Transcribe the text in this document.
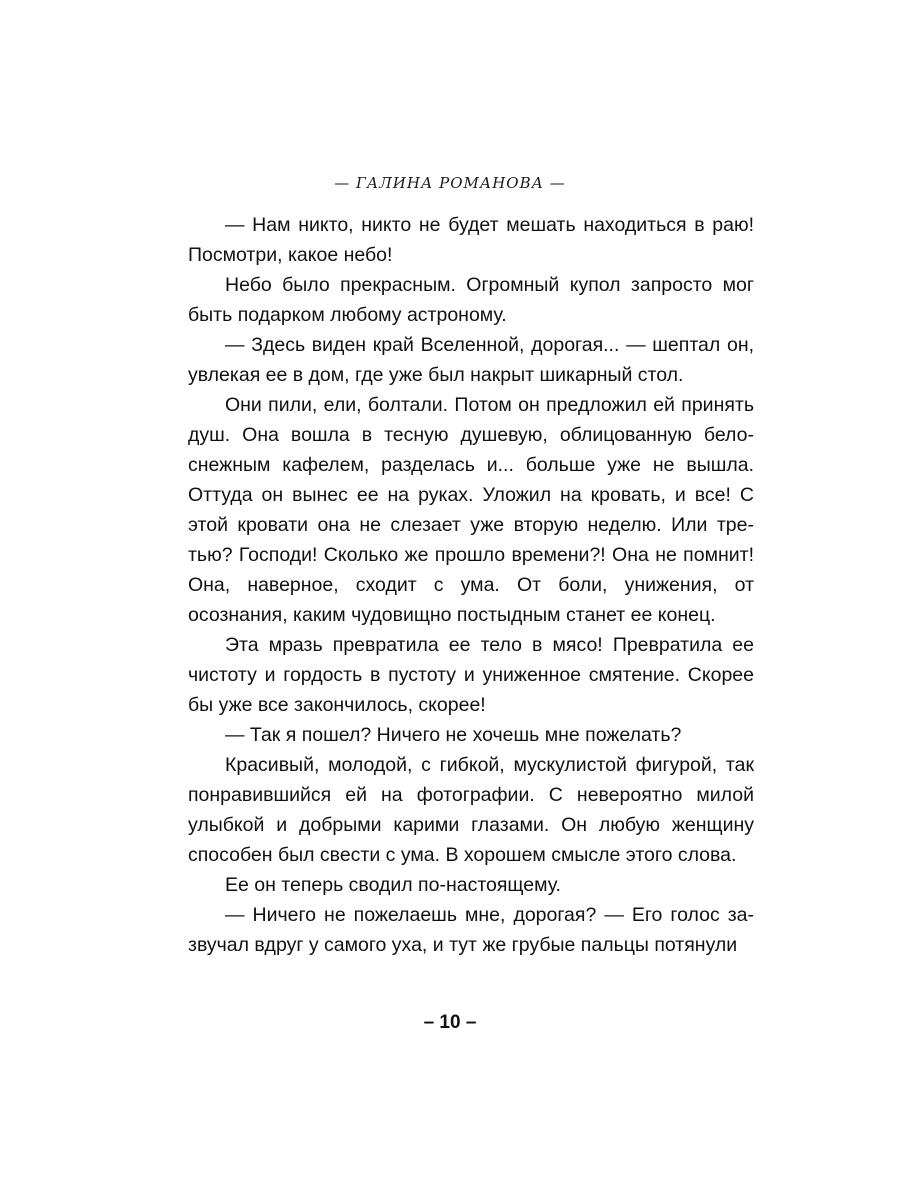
— ГАЛИНА РОМАНОВА —

— Нам никто, никто не будет мешать находиться в раю! Посмотри, какое небо!

Небо было прекрасным. Огромный купол запросто мог быть подарком любому астроному.

— Здесь виден край Вселенной, дорогая... — шептал он, увлекая ее в дом, где уже был накрыт шикарный стол.

Они пили, ели, болтали. Потом он предложил ей принять душ. Она вошла в тесную душевую, облицованную белоснежным кафелем, разделась и... больше уже не вышла. Оттуда он вынес ее на руках. Уложил на кровать, и все! С этой кровати она не слезает уже вторую неделю. Или третью? Господи! Сколько же прошло времени?! Она не помнит! Она, наверное, сходит с ума. От боли, унижения, от осознания, каким чудовищно постыдным станет ее конец.

Эта мразь превратила ее тело в мясо! Превратила ее чистоту и гордость в пустоту и униженное смятение. Скорее бы уже все закончилось, скорее!

— Так я пошел? Ничего не хочешь мне пожелать?

Красивый, молодой, с гибкой, мускулистой фигурой, так понравившийся ей на фотографии. С невероятно милой улыбкой и добрыми карими глазами. Он любую женщину способен был свести с ума. В хорошем смысле этого слова.

Ее он теперь сводил по-настоящему.

— Ничего не пожелаешь мне, дорогая? — Его голос зазвучал вдруг у самого уха, и тут же грубые пальцы потянули

– 10 –
